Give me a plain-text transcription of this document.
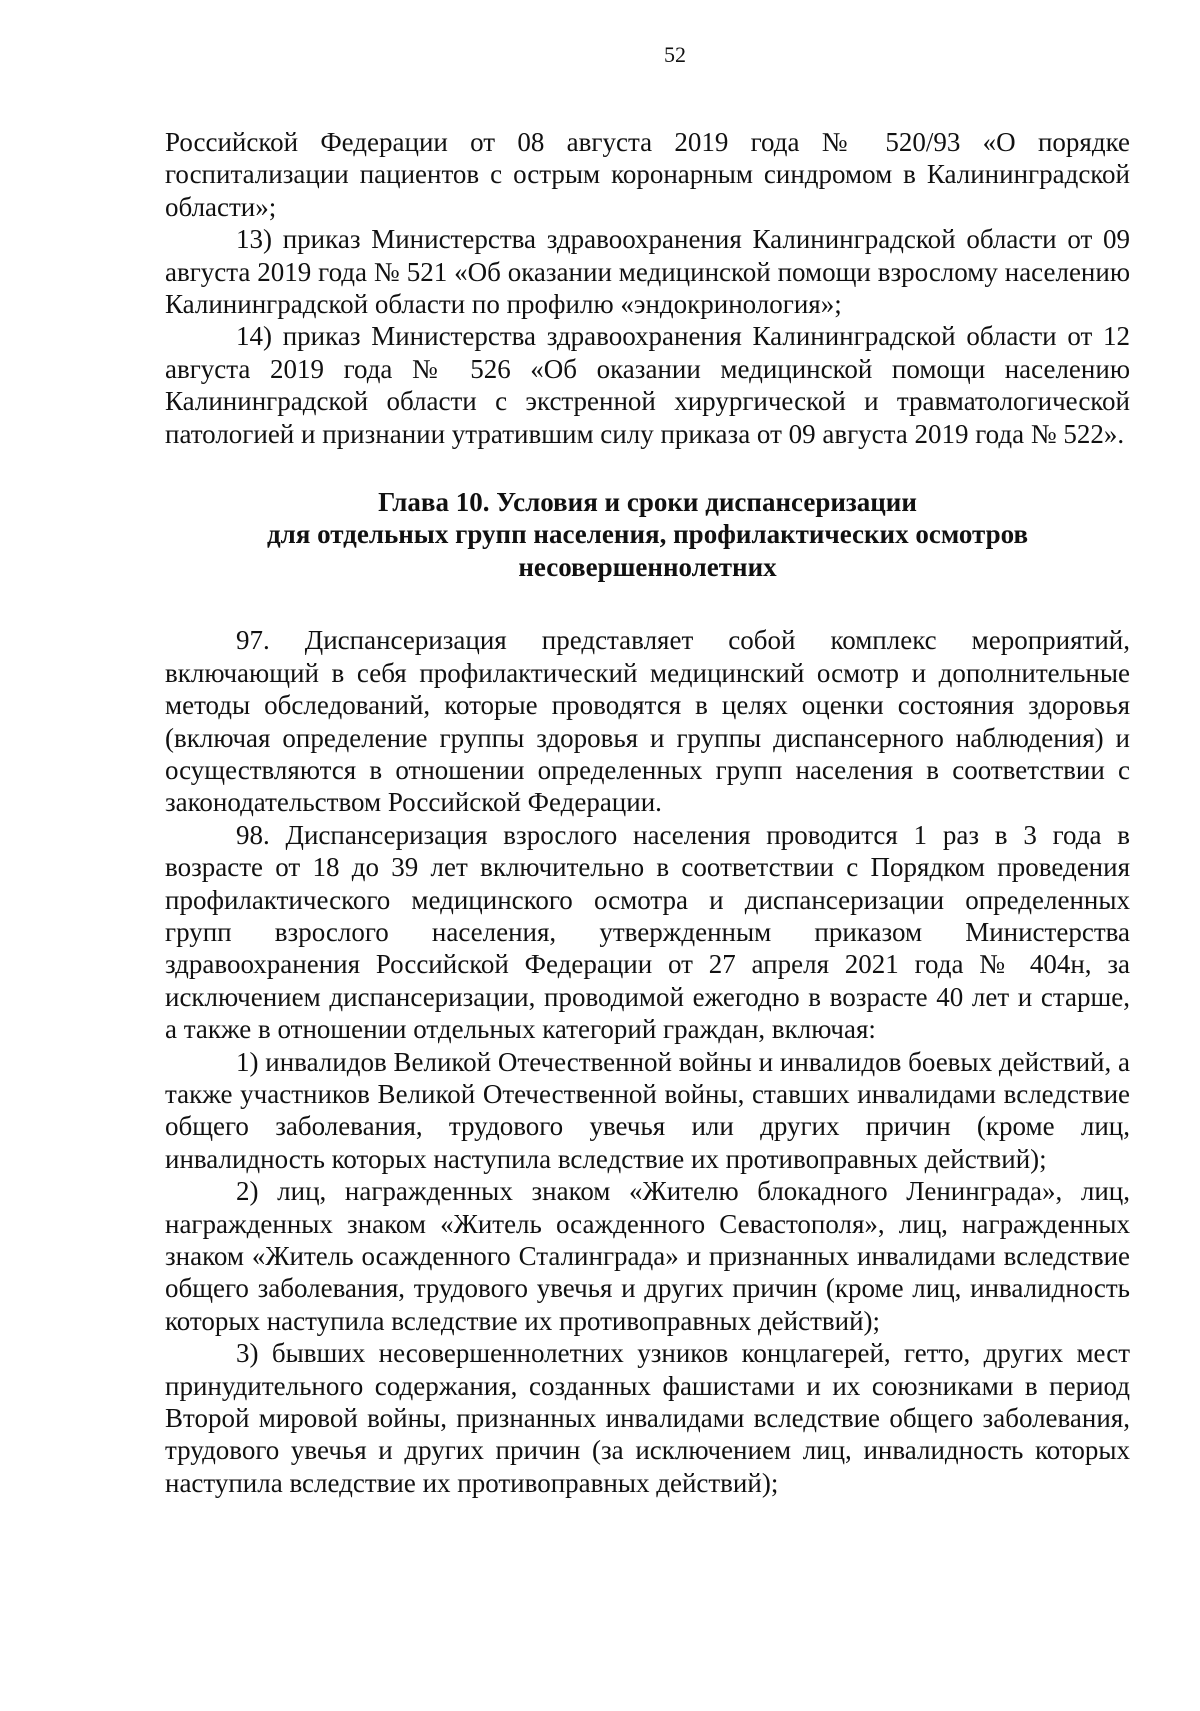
52

Российской Федерации от 08 августа 2019 года № 520/93 «О порядке госпитализации пациентов с острым коронарным синдромом в Калининградской области»;

13) приказ Министерства здравоохранения Калининградской области от 09 августа 2019 года № 521 «Об оказании медицинской помощи взрослому населению Калининградской области по профилю «эндокринология»;

14) приказ Министерства здравоохранения Калининградской области от 12 августа 2019 года № 526 «Об оказании медицинской помощи населению Калининградской области с экстренной хирургической и травматологической патологией и признании утратившим силу приказа от 09 августа 2019 года № 522».

Глава 10. Условия и сроки диспансеризации
для отдельных групп населения, профилактических осмотров
несовершеннолетних

97. Диспансеризация представляет собой комплекс мероприятий, включающий в себя профилактический медицинский осмотр и дополнительные методы обследований, которые проводятся в целях оценки состояния здоровья (включая определение группы здоровья и группы диспансерного наблюдения) и осуществляются в отношении определенных групп населения в соответствии с законодательством Российской Федерации.

98. Диспансеризация взрослого населения проводится 1 раз в 3 года в возрасте от 18 до 39 лет включительно в соответствии с Порядком проведения профилактического медицинского осмотра и диспансеризации определенных групп взрослого населения, утвержденным приказом Министерства здравоохранения Российской Федерации от 27 апреля 2021 года № 404н, за исключением диспансеризации, проводимой ежегодно в возрасте 40 лет и старше, а также в отношении отдельных категорий граждан, включая:

1) инвалидов Великой Отечественной войны и инвалидов боевых действий, а также участников Великой Отечественной войны, ставших инвалидами вследствие общего заболевания, трудового увечья или других причин (кроме лиц, инвалидность которых наступила вследствие их противоправных действий);

2) лиц, награжденных знаком «Жителю блокадного Ленинграда», лиц, награжденных знаком «Житель осажденного Севастополя», лиц, награжденных знаком «Житель осажденного Сталинграда» и признанных инвалидами вследствие общего заболевания, трудового увечья и других причин (кроме лиц, инвалидность которых наступила вследствие их противоправных действий);

3) бывших несовершеннолетних узников концлагерей, гетто, других мест принудительного содержания, созданных фашистами и их союзниками в период Второй мировой войны, признанных инвалидами вследствие общего заболевания, трудового увечья и других причин (за исключением лиц, инвалидность которых наступила вследствие их противоправных действий);
